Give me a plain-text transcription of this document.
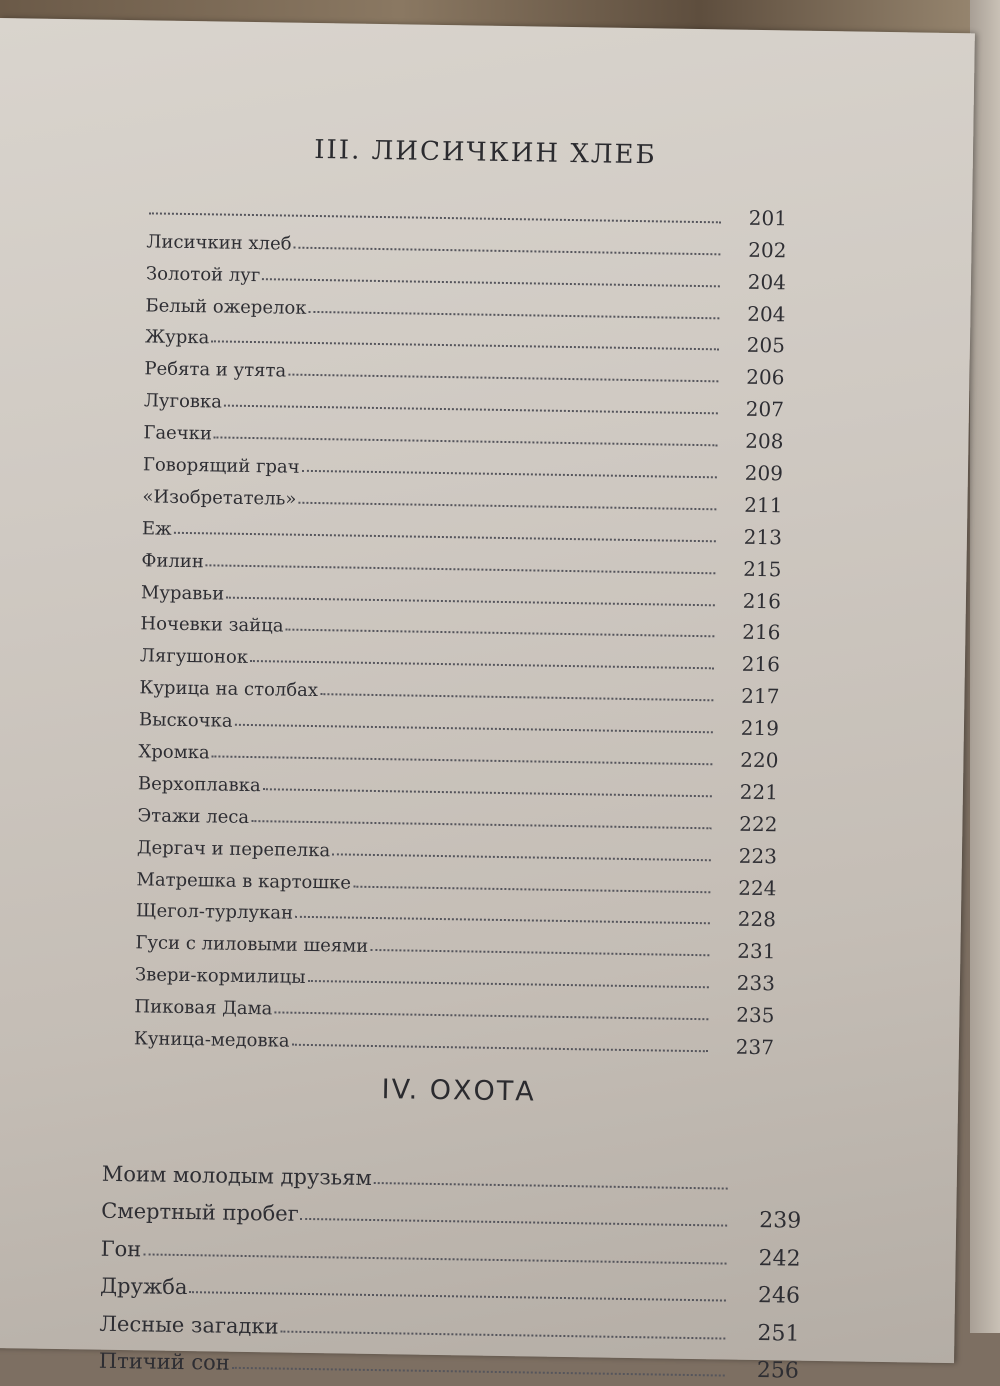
III. ЛИСИЧКИН ХЛЕБ
201
Лисичкин хлеб	202
Золотой луг	204
Белый ожерелок	204
Журка	205
Ребята и утята	206
Луговка	207
Гаечки	208
Говорящий грач	209
«Изобретатель»	211
Еж	213
Филин	215
Муравьи	216
Ночевки зайца	216
Лягушонок	216
Курица на столбах	217
Выскочка	219
Хромка	220
Верхоплавка	221
Этажи леса	222
Дергач и перепелка	223
Матрешка в картошке	224
Щегол-турлукан	228
Гуси с лиловыми шеями	231
Звери-кормилицы	233
Пиковая Дама	235
Куница-медовка	237
IV. ОХОТА
Моим молодым друзьям
Смертный пробег	239
Гон	242
Дружба	246
Лесные загадки	251
Птичий сон	256
